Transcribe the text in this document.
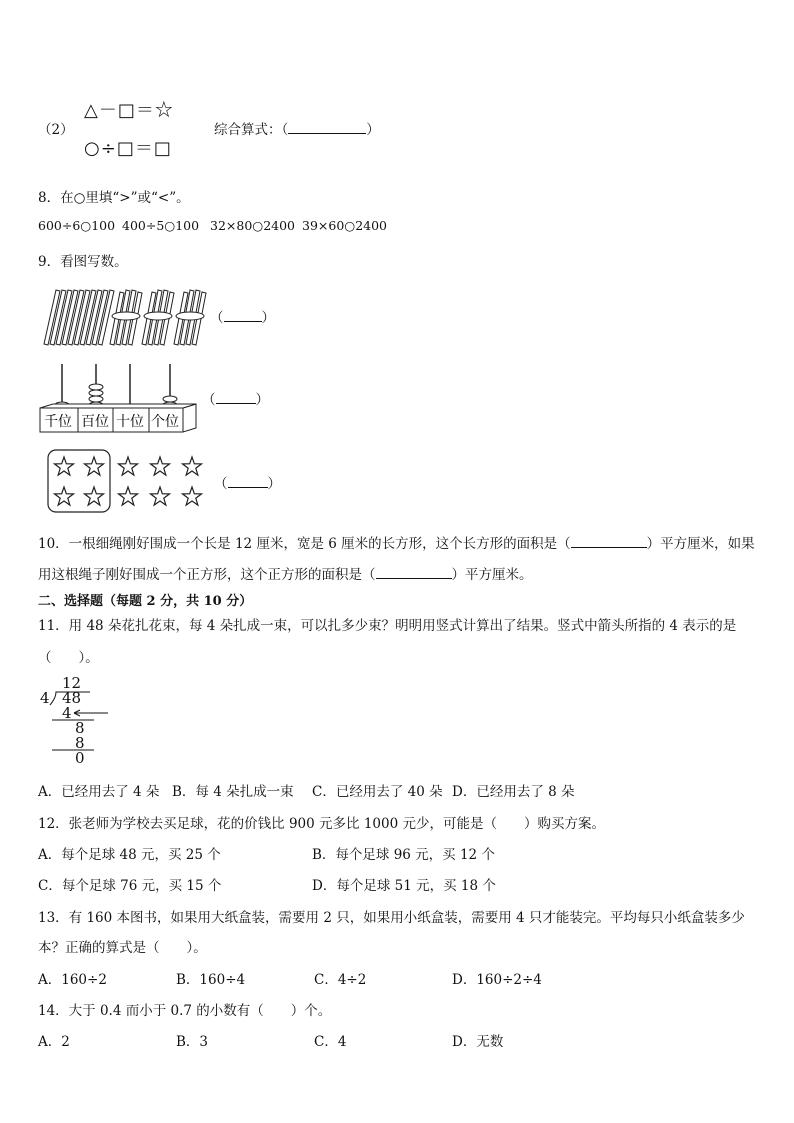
（2）
△－□＝☆
○÷□＝□
综合算式：（	）
8．在○里填“>”或“<”。
600÷6○100 400÷5○100 32×80○2400 39×60○2400
9．看图写数。
（	）
千位 百位 十位 个位
（	）
（	）
10．一根细绳刚好围成一个长是 12 厘米，宽是 6 厘米的长方形，这个长方形的面积是（	）平方厘米，如果
用这根绳子刚好围成一个正方形，这个正方形的面积是（	）平方厘米。
二、选择题（每题 2 分，共 10 分）
11．用 48 朵花扎花束，每 4 朵扎成一束，可以扎多少束？明明用竖式计算出了结果。竖式中箭头所指的 4 表示的是
（　　）。
12
4 48
4
8
8
0
A．已经用去了 4 朵 B．每 4 朵扎成一束 C．已经用去了 40 朵 D．已经用去了 8 朵
12．张老师为学校去买足球，花的价钱比 900 元多比 1000 元少，可能是（　　）购买方案。
A．每个足球 48 元，买 25 个	B．每个足球 96 元，买 12 个
C．每个足球 76 元，买 15 个	D．每个足球 51 元，买 18 个
13．有 160 本图书，如果用大纸盒装，需要用 2 只，如果用小纸盒装，需要用 4 只才能装完。平均每只小纸盒装多少
本？正确的算式是（　　）。
A．160÷2	B．160÷4	C．4÷2	D．160÷2÷4
14．大于 0.4 而小于 0.7 的小数有（　　）个。
A．2	B．3	C．4	D．无数
